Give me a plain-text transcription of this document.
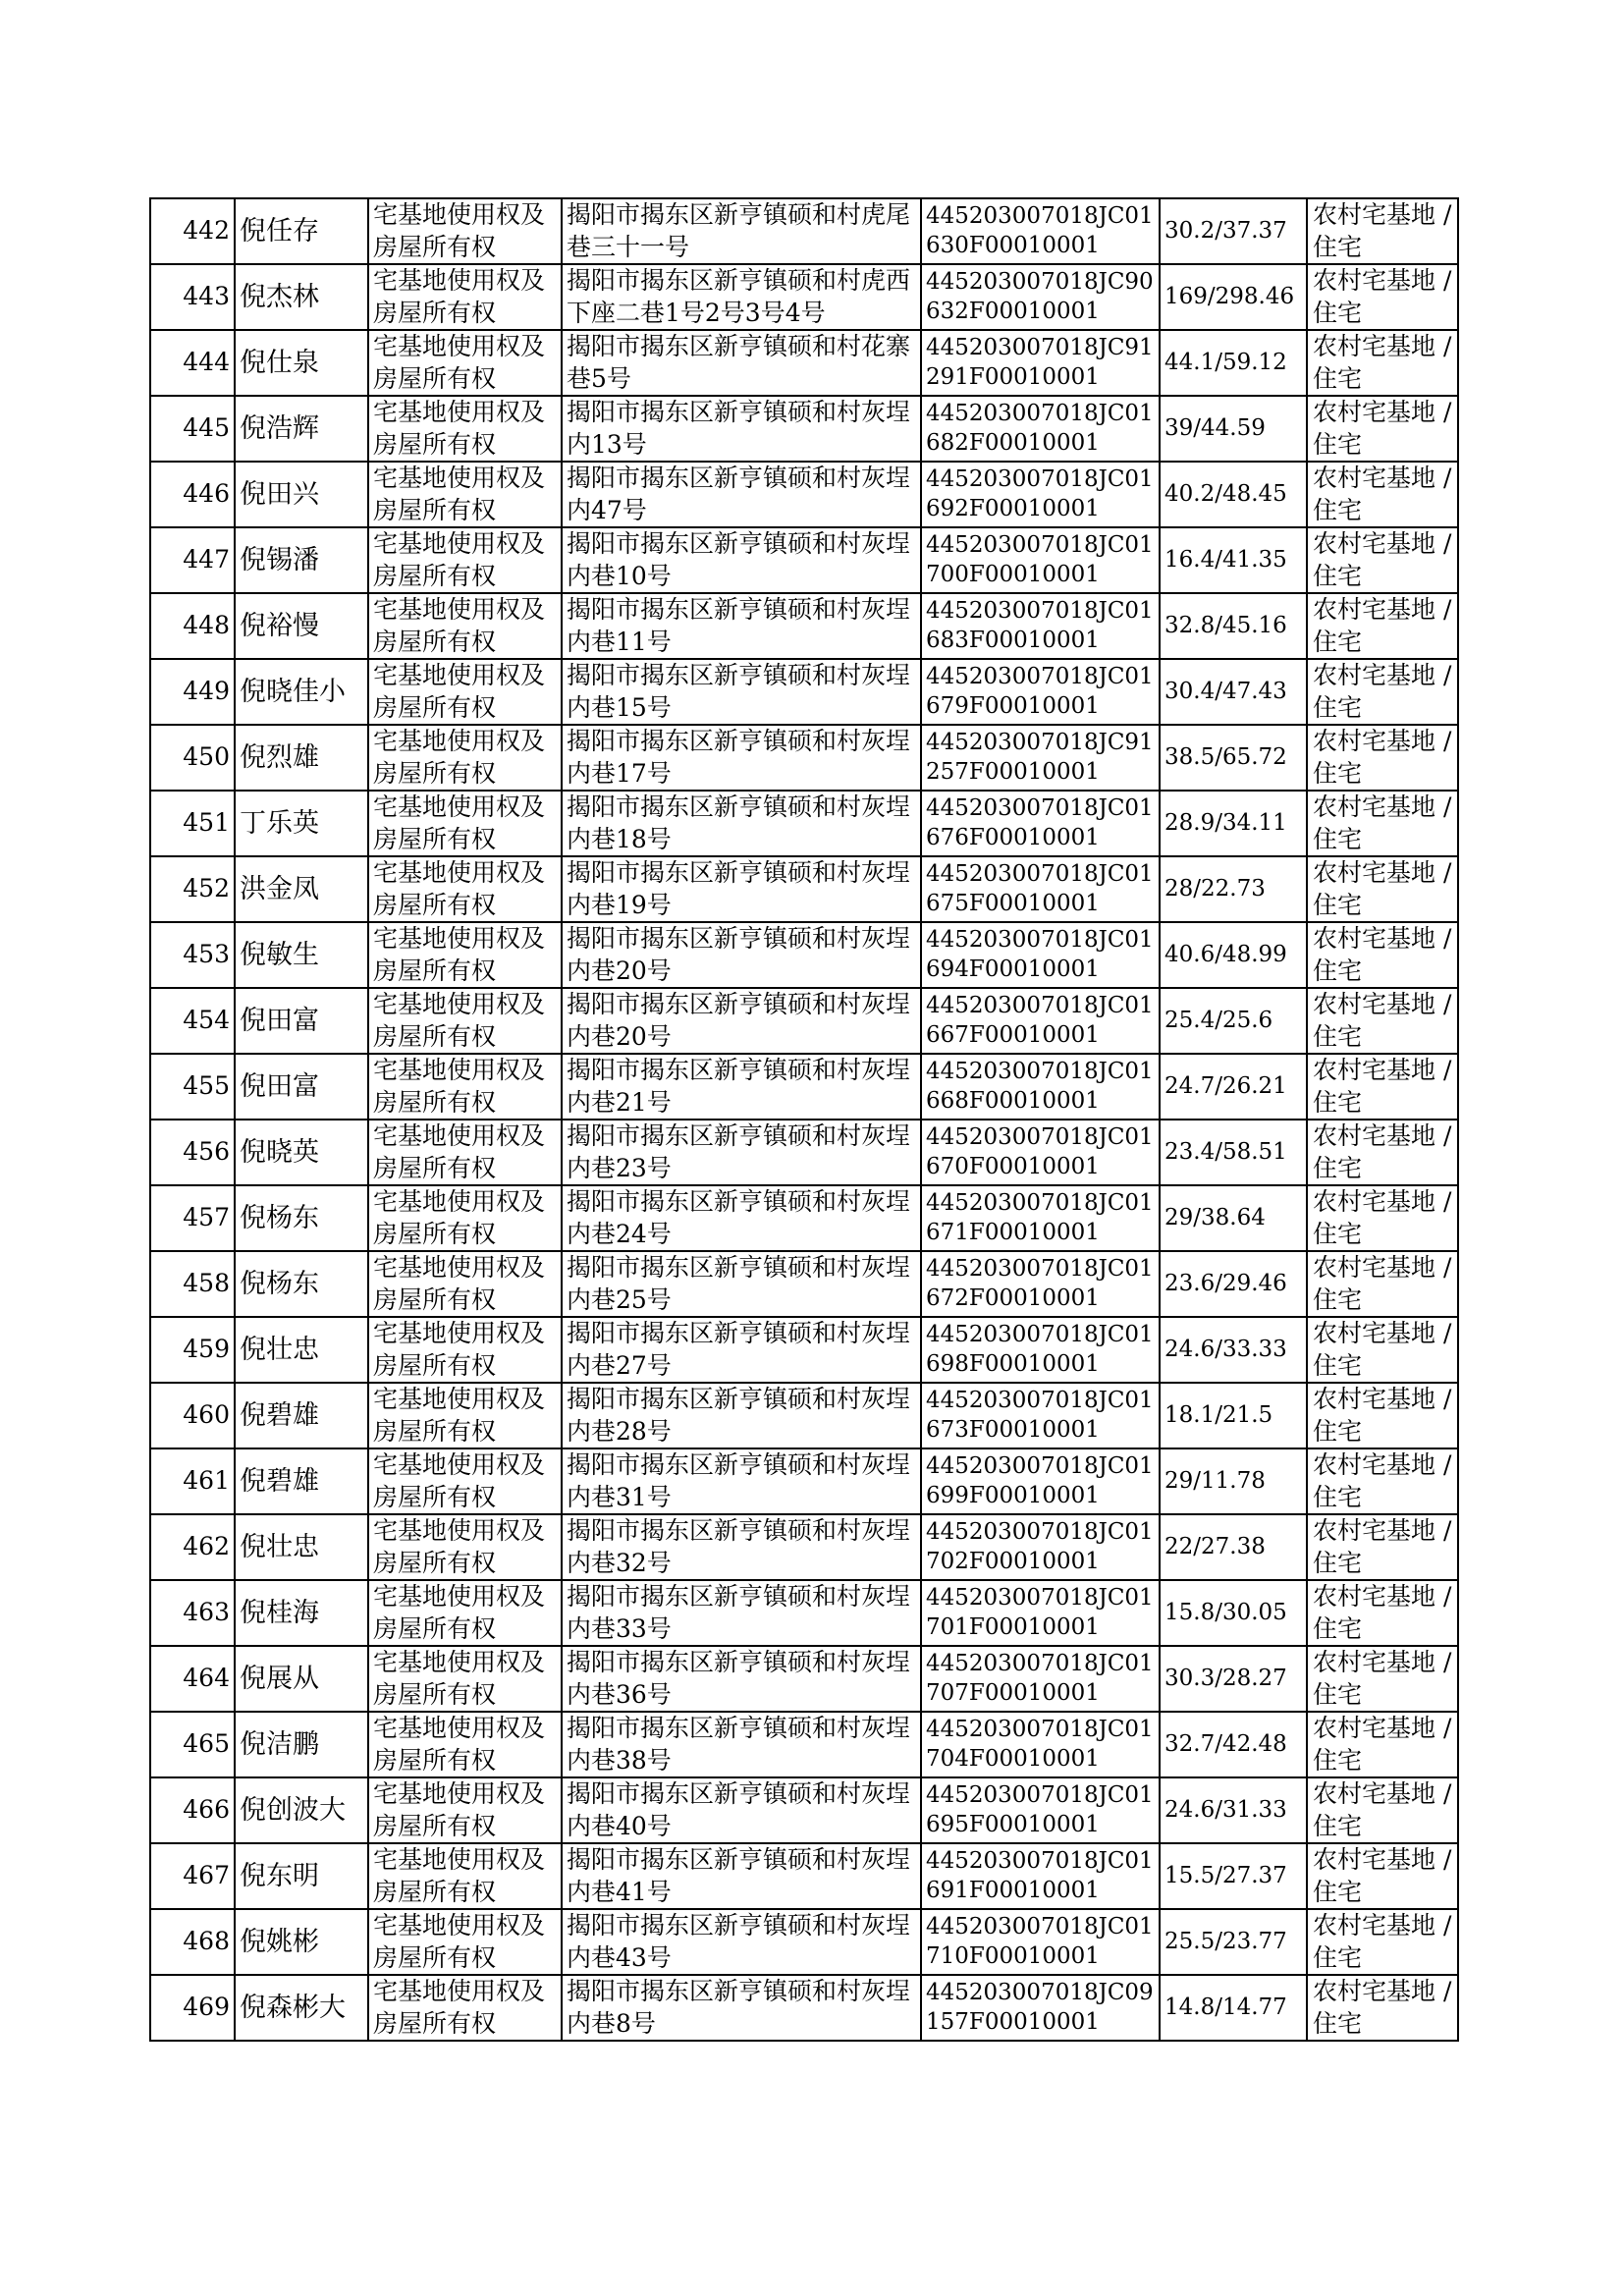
442	倪任存	宅基地使用权及房屋所有权	揭阳市揭东区新亨镇硕和村虎尾巷三十一号	445203007018JC01630F00010001	30.2/37.37	农村宅基地 / 住宅

443	倪杰林	宅基地使用权及房屋所有权	揭阳市揭东区新亨镇硕和村虎西下座二巷1号2号3号4号	445203007018JC90632F00010001	169/298.46	农村宅基地 / 住宅

444	倪仕泉	宅基地使用权及房屋所有权	揭阳市揭东区新亨镇硕和村花寨巷5号	445203007018JC91291F00010001	44.1/59.12	农村宅基地 / 住宅

445	倪浩辉	宅基地使用权及房屋所有权	揭阳市揭东区新亨镇硕和村灰埕内13号	445203007018JC01682F00010001	39/44.59	农村宅基地 / 住宅

446	倪田兴	宅基地使用权及房屋所有权	揭阳市揭东区新亨镇硕和村灰埕内47号	445203007018JC01692F00010001	40.2/48.45	农村宅基地 / 住宅

447	倪锡潘	宅基地使用权及房屋所有权	揭阳市揭东区新亨镇硕和村灰埕内巷10号	445203007018JC01700F00010001	16.4/41.35	农村宅基地 / 住宅

448	倪裕慢	宅基地使用权及房屋所有权	揭阳市揭东区新亨镇硕和村灰埕内巷11号	445203007018JC01683F00010001	32.8/45.16	农村宅基地 / 住宅

449	倪晓佳小	宅基地使用权及房屋所有权	揭阳市揭东区新亨镇硕和村灰埕内巷15号	445203007018JC01679F00010001	30.4/47.43	农村宅基地 / 住宅

450	倪烈雄	宅基地使用权及房屋所有权	揭阳市揭东区新亨镇硕和村灰埕内巷17号	445203007018JC91257F00010001	38.5/65.72	农村宅基地 / 住宅

451	丁乐英	宅基地使用权及房屋所有权	揭阳市揭东区新亨镇硕和村灰埕内巷18号	445203007018JC01676F00010001	28.9/34.11	农村宅基地 / 住宅

452	洪金凤	宅基地使用权及房屋所有权	揭阳市揭东区新亨镇硕和村灰埕内巷19号	445203007018JC01675F00010001	28/22.73	农村宅基地 / 住宅

453	倪敏生	宅基地使用权及房屋所有权	揭阳市揭东区新亨镇硕和村灰埕内巷20号	445203007018JC01694F00010001	40.6/48.99	农村宅基地 / 住宅

454	倪田富	宅基地使用权及房屋所有权	揭阳市揭东区新亨镇硕和村灰埕内巷20号	445203007018JC01667F00010001	25.4/25.6	农村宅基地 / 住宅

455	倪田富	宅基地使用权及房屋所有权	揭阳市揭东区新亨镇硕和村灰埕内巷21号	445203007018JC01668F00010001	24.7/26.21	农村宅基地 / 住宅

456	倪晓英	宅基地使用权及房屋所有权	揭阳市揭东区新亨镇硕和村灰埕内巷23号	445203007018JC01670F00010001	23.4/58.51	农村宅基地 / 住宅

457	倪杨东	宅基地使用权及房屋所有权	揭阳市揭东区新亨镇硕和村灰埕内巷24号	445203007018JC01671F00010001	29/38.64	农村宅基地 / 住宅

458	倪杨东	宅基地使用权及房屋所有权	揭阳市揭东区新亨镇硕和村灰埕内巷25号	445203007018JC01672F00010001	23.6/29.46	农村宅基地 / 住宅

459	倪壮忠	宅基地使用权及房屋所有权	揭阳市揭东区新亨镇硕和村灰埕内巷27号	445203007018JC01698F00010001	24.6/33.33	农村宅基地 / 住宅

460	倪碧雄	宅基地使用权及房屋所有权	揭阳市揭东区新亨镇硕和村灰埕内巷28号	445203007018JC01673F00010001	18.1/21.5	农村宅基地 / 住宅

461	倪碧雄	宅基地使用权及房屋所有权	揭阳市揭东区新亨镇硕和村灰埕内巷31号	445203007018JC01699F00010001	29/11.78	农村宅基地 / 住宅

462	倪壮忠	宅基地使用权及房屋所有权	揭阳市揭东区新亨镇硕和村灰埕内巷32号	445203007018JC01702F00010001	22/27.38	农村宅基地 / 住宅

463	倪桂海	宅基地使用权及房屋所有权	揭阳市揭东区新亨镇硕和村灰埕内巷33号	445203007018JC01701F00010001	15.8/30.05	农村宅基地 / 住宅

464	倪展从	宅基地使用权及房屋所有权	揭阳市揭东区新亨镇硕和村灰埕内巷36号	445203007018JC01707F00010001	30.3/28.27	农村宅基地 / 住宅

465	倪洁鹏	宅基地使用权及房屋所有权	揭阳市揭东区新亨镇硕和村灰埕内巷38号	445203007018JC01704F00010001	32.7/42.48	农村宅基地 / 住宅

466	倪创波大	宅基地使用权及房屋所有权	揭阳市揭东区新亨镇硕和村灰埕内巷40号	445203007018JC01695F00010001	24.6/31.33	农村宅基地 / 住宅

467	倪东明	宅基地使用权及房屋所有权	揭阳市揭东区新亨镇硕和村灰埕内巷41号	445203007018JC01691F00010001	15.5/27.37	农村宅基地 / 住宅

468	倪姚彬	宅基地使用权及房屋所有权	揭阳市揭东区新亨镇硕和村灰埕内巷43号	445203007018JC01710F00010001	25.5/23.77	农村宅基地 / 住宅

469	倪森彬大	宅基地使用权及房屋所有权	揭阳市揭东区新亨镇硕和村灰埕内巷8号	445203007018JC09157F00010001	14.8/14.77	农村宅基地 / 住宅
